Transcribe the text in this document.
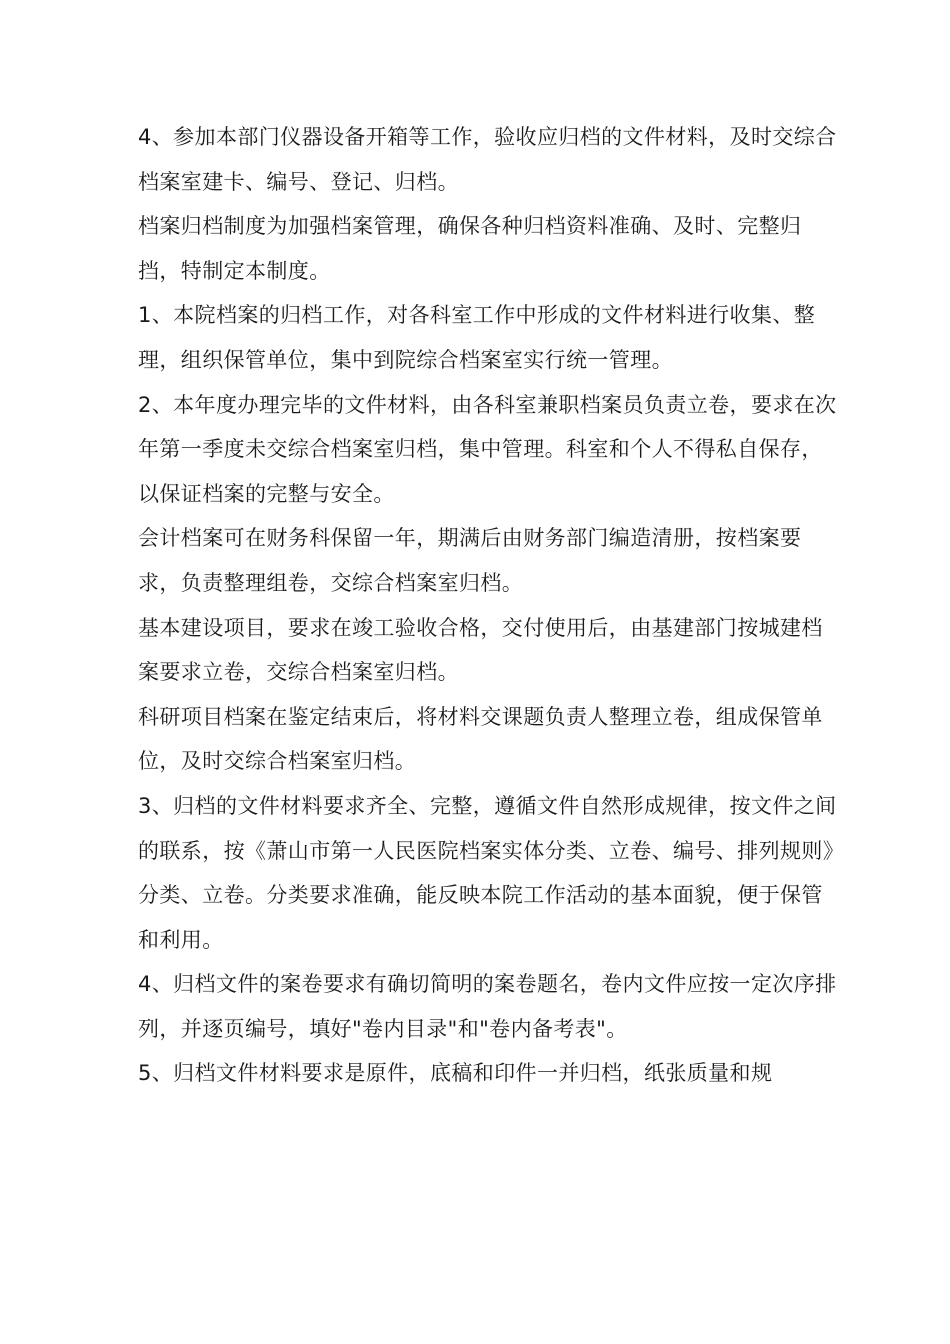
4、参加本部门仪器设备开箱等工作，验收应归档的文件材料，及时交综合档案室建卡、编号、登记、归档。

档案归档制度为加强档案管理，确保各种归档资料准确、及时、完整归挡，特制定本制度。

1、本院档案的归档工作，对各科室工作中形成的文件材料进行收集、整理，组织保管单位，集中到院综合档案室实行统一管理。

2、本年度办理完毕的文件材料，由各科室兼职档案员负责立卷，要求在次年第一季度未交综合档案室归档，集中管理。科室和个人不得私自保存，以保证档案的完整与安全。

会计档案可在财务科保留一年，期满后由财务部门编造清册，按档案要求，负责整理组卷，交综合档案室归档。

基本建设项目，要求在竣工验收合格，交付使用后，由基建部门按城建档案要求立卷，交综合档案室归档。

科研项目档案在鉴定结束后，将材料交课题负责人整理立卷，组成保管单位，及时交综合档案室归档。

3、归档的文件材料要求齐全、完整，遵循文件自然形成规律，按文件之间的联系，按《萧山市第一人民医院档案实体分类、立卷、编号、排列规则》分类、立卷。分类要求准确，能反映本院工作活动的基本面貌，便于保管和利用。

4、归档文件的案卷要求有确切简明的案卷题名，卷内文件应按一定次序排列，并逐页编号，填好"卷内目录"和"卷内备考表"。

5、归档文件材料要求是原件，底稿和印件一并归档，纸张质量和规
